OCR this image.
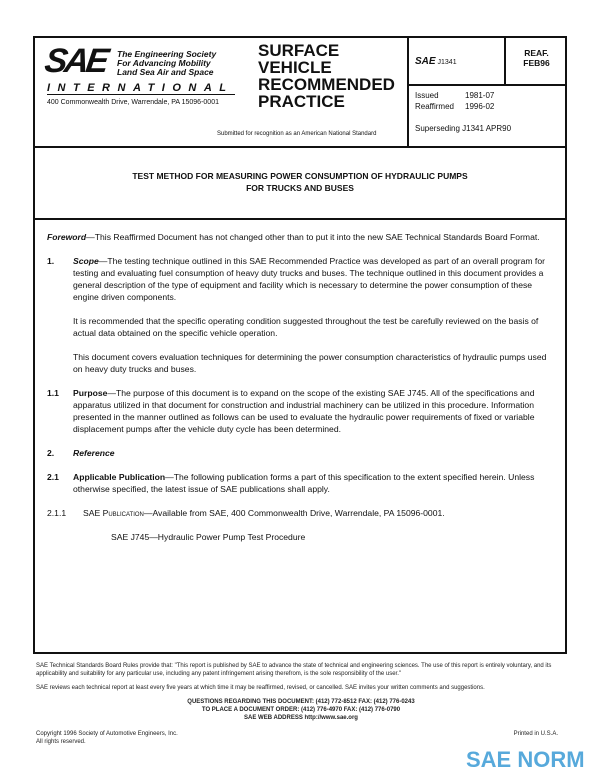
SAE The Engineering Society
For Advancing Mobility
Land Sea Air and Space
INTERNATIONAL
400 Commonwealth Drive, Warrendale, PA 15096-0001
SURFACE
VEHICLE
RECOMMENDED
PRACTICE
Submitted for recognition as an American National Standard
SAE J1341
REAF.
FEB96
Issued	1981-07
Reaffirmed 1996-02
Superseding J1341 APR90
TEST METHOD FOR MEASURING POWER CONSUMPTION OF HYDRAULIC PUMPS
FOR TRUCKS AND BUSES

Foreword—This Reaffirmed Document has not changed other than to put it into the new SAE Technical Standards Board Format.

1. Scope—The testing technique outlined in this SAE Recommended Practice was developed as part of an overall program for testing and evaluating fuel consumption of heavy duty trucks and buses. The technique outlined in this document provides a general description of the type of equipment and facility which is necessary to determine the power consumption of these engine driven components.

It is recommended that the specific operating condition suggested throughout the test be carefully reviewed on the basis of actual data obtained on the specific vehicle operation.

This document covers evaluation techniques for determining the power consumption characteristics of hydraulic pumps used on heavy duty trucks and buses.

1.1 Purpose—The purpose of this document is to expand on the scope of the existing SAE J745. All of the specifications and apparatus utilized in that document for construction and industrial machinery can be utilized in this procedure. Information presented in the manner outlined as follows can be used to evaluate the hydraulic power requirements of fixed or variable displacement pumps after the vehicle duty cycle has been determined.

2. Reference

2.1 Applicable Publication—The following publication forms a part of this specification to the extent specified herein. Unless otherwise specified, the latest issue of SAE publications shall apply.

2.1.1 SAE Publication—Available from SAE, 400 Commonwealth Drive, Warrendale, PA 15096-0001.

SAE J745—Hydraulic Power Pump Test Procedure

SAE Technical Standards Board Rules provide that: "This report is published by SAE to advance the state of technical and engineering sciences. The use of this report is entirely voluntary, and its applicability and suitability for any particular use, including any patent infringement arising therefrom, is the sole responsibility of the user."

SAE reviews each technical report at least every five years at which time it may be reaffirmed, revised, or cancelled. SAE invites your written comments and suggestions.

QUESTIONS REGARDING THIS DOCUMENT: (412) 772-8512 FAX: (412) 776-0243
TO PLACE A DOCUMENT ORDER: (412) 776-4970 FAX: (412) 776-0790
SAE WEB ADDRESS http://www.sae.org
Copyright 1996 Society of Automotive Engineers, Inc.
All rights reserved.
Printed in U.S.A.
SAE NORM
